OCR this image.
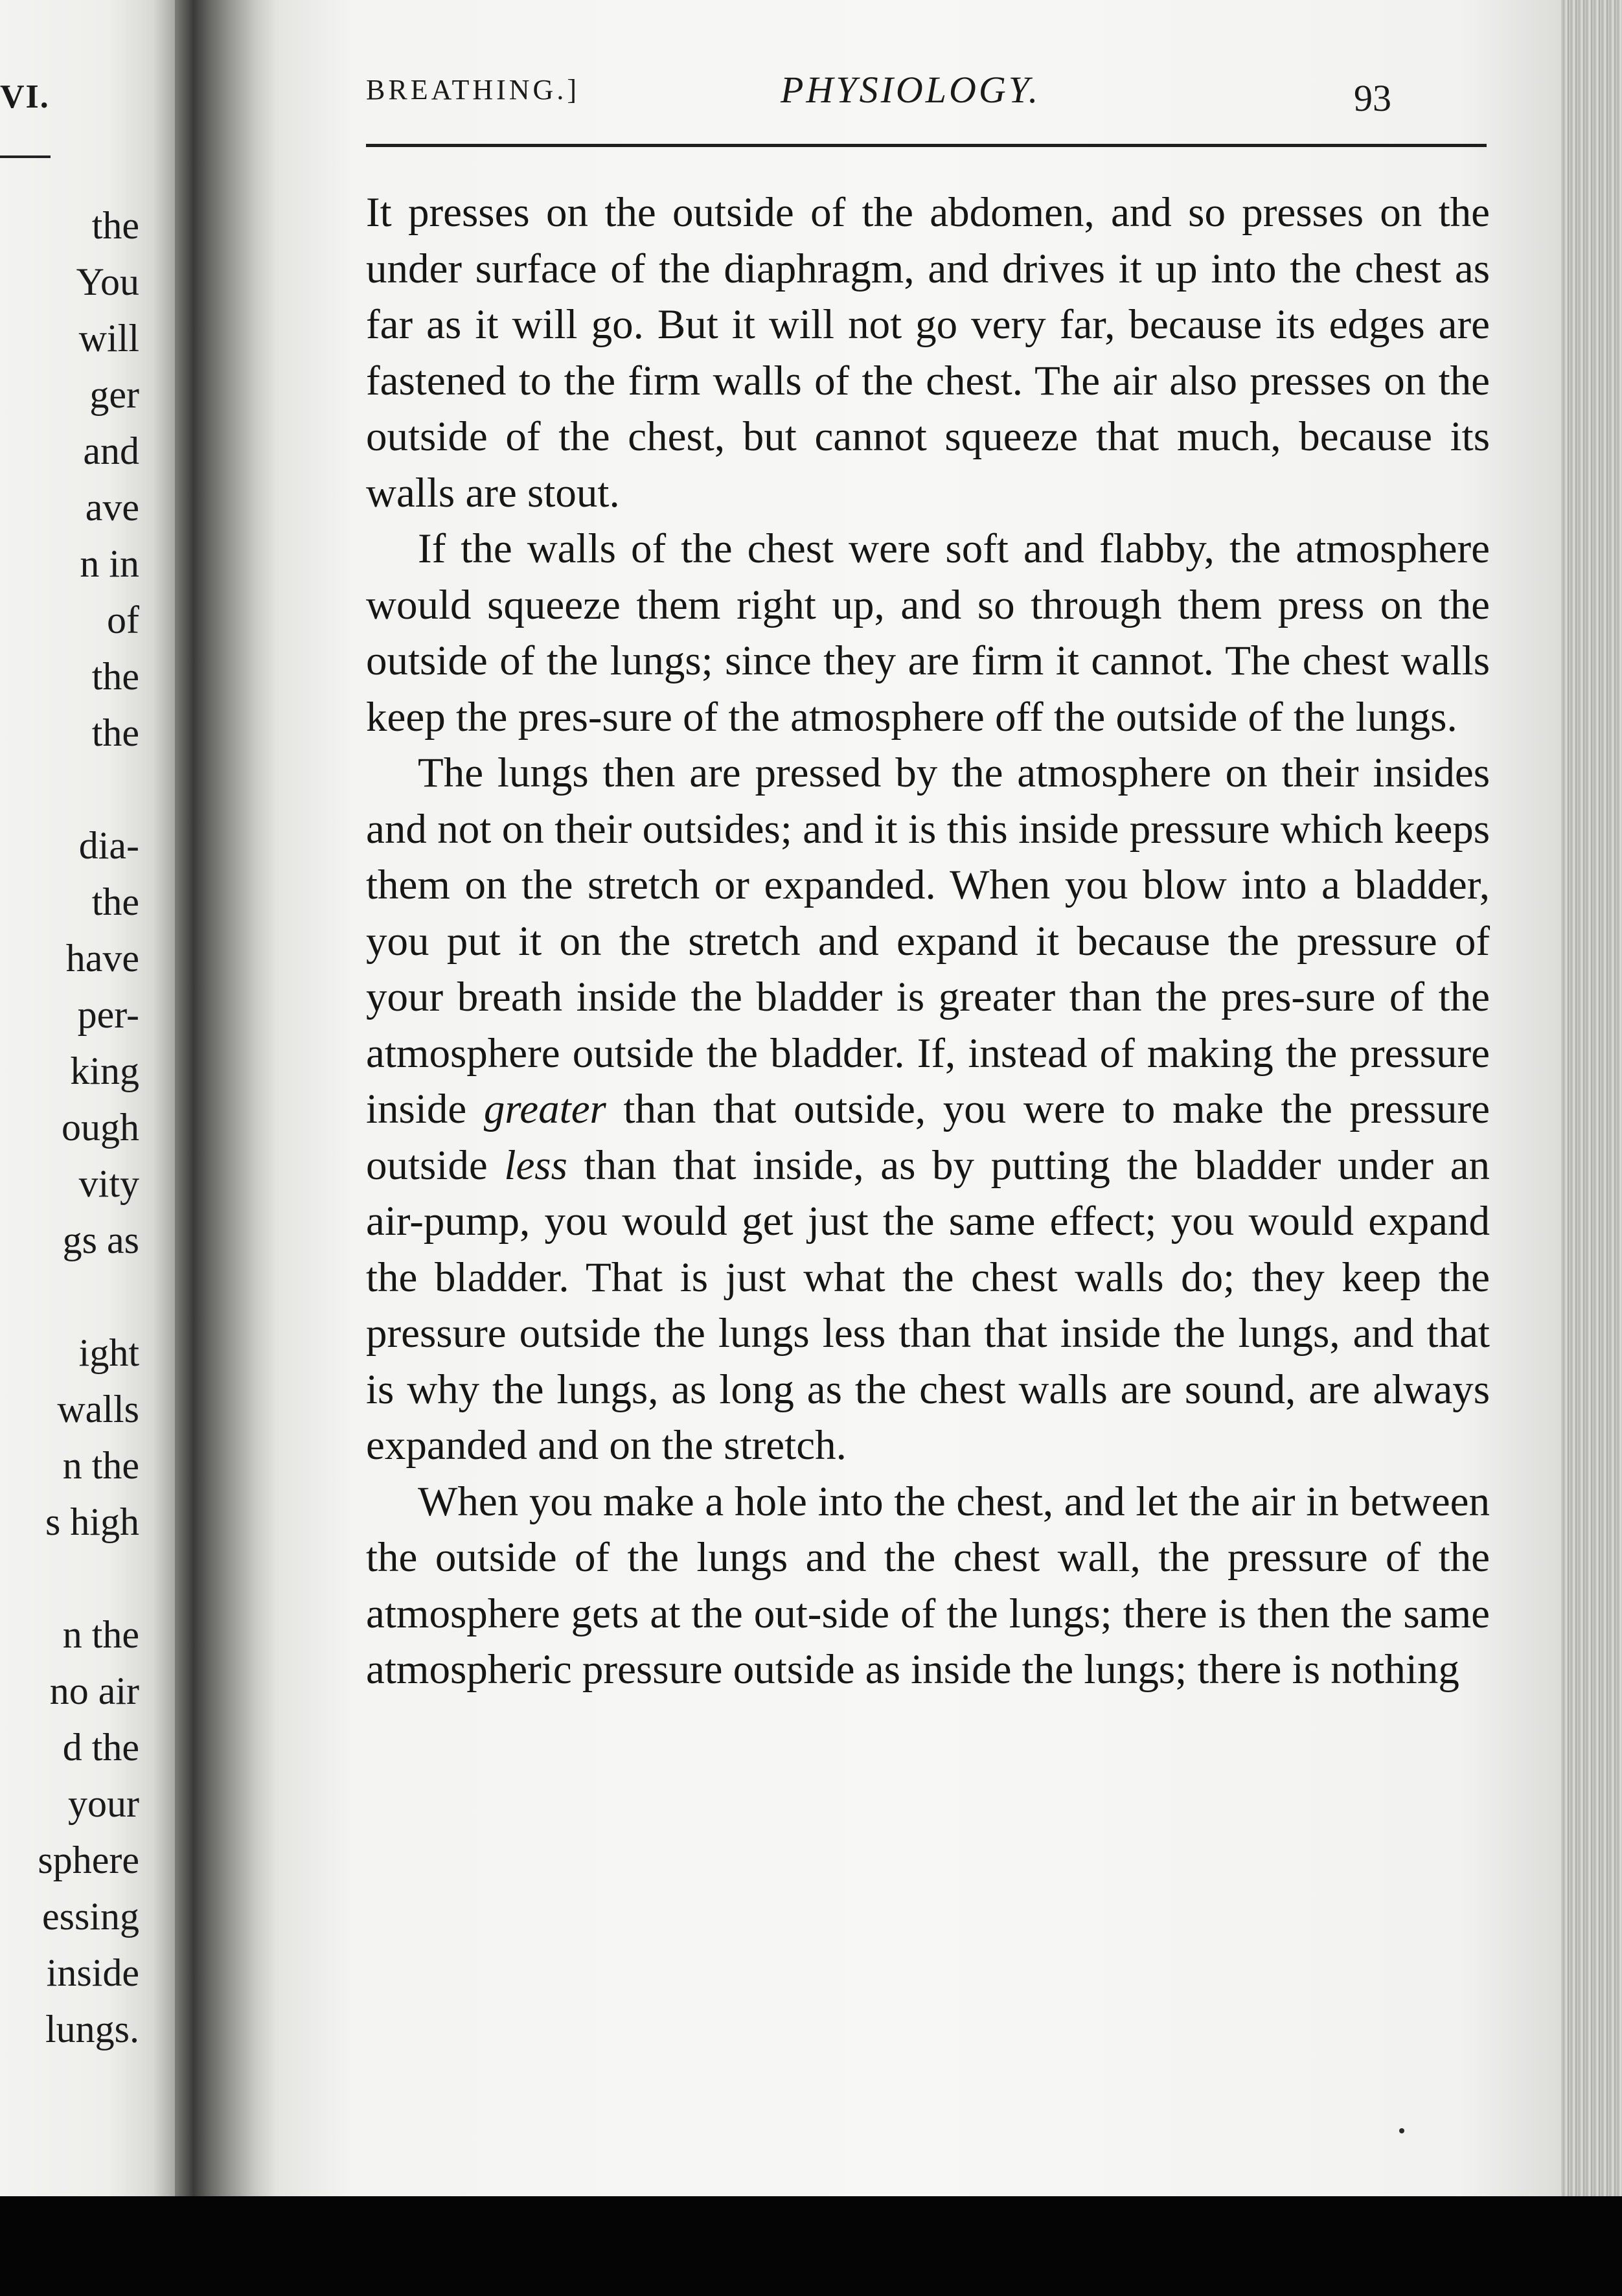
VI.
the
You
will
ger
and
ave
n in
of
the
the
dia-
the
have
per-
king
ough
vity
gs as
ight
walls
n the
s high
n the
no air
d the
your
sphere
essing
inside
lungs.
BREATHING.]	PHYSIOLOGY.	93

It presses on the outside of the abdomen, and so presses on the under surface of the diaphragm, and drives it up into the chest as far as it will go. But it will not go very far, because its edges are fastened to the firm walls of the chest. The air also presses on the outside of the chest, but cannot squeeze that much, because its walls are stout.

If the walls of the chest were soft and flabby, the atmosphere would squeeze them right up, and so through them press on the outside of the lungs; since they are firm it cannot. The chest walls keep the pres-sure of the atmosphere off the outside of the lungs.

The lungs then are pressed by the atmosphere on their insides and not on their outsides; and it is this inside pressure which keeps them on the stretch or expanded. When you blow into a bladder, you put it on the stretch and expand it because the pressure of your breath inside the bladder is greater than the pres-sure of the atmosphere outside the bladder. If, instead of making the pressure inside greater than that outside, you were to make the pressure outside less than that inside, as by putting the bladder under an air-pump, you would get just the same effect; you would expand the bladder. That is just what the chest walls do; they keep the pressure outside the lungs less than that inside the lungs, and that is why the lungs, as long as the chest walls are sound, are always expanded and on the stretch.

When you make a hole into the chest, and let the air in between the outside of the lungs and the chest wall, the pressure of the atmosphere gets at the out-side of the lungs; there is then the same atmospheric pressure outside as inside the lungs; there is nothing
